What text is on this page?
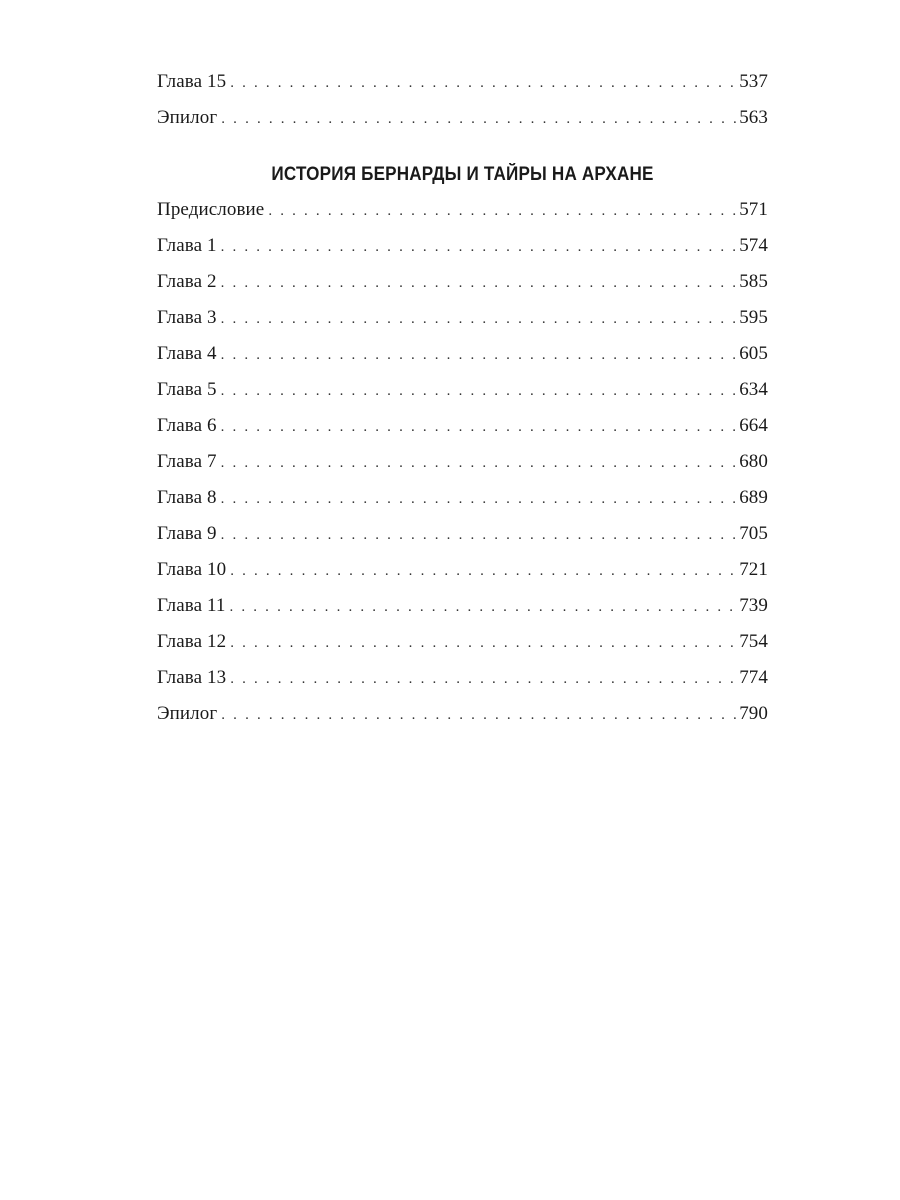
Глава 15 . . .	537
Эпилог . . .	563
ИСТОРИЯ БЕРНАРДЫ И ТАЙРЫ НА АРХАНЕ
Предисловие . . .	571
Глава 1 . . .	574
Глава 2 . . .	585
Глава 3 . . .	595
Глава 4 . . .	605
Глава 5 . . .	634
Глава 6 . . .	664
Глава 7 . . .	680
Глава 8 . . .	689
Глава 9 . . .	705
Глава 10 . . .	721
Глава 11 . . .	739
Глава 12 . . .	754
Глава 13 . . .	774
Эпилог . . .	790
